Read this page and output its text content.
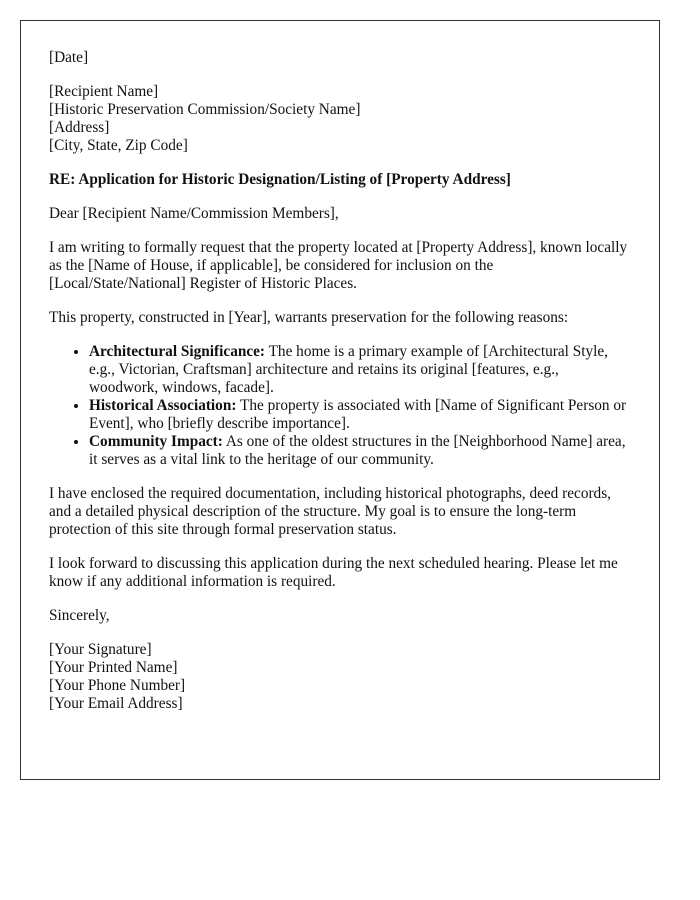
[Date]
[Recipient Name]
[Historic Preservation Commission/Society Name]
[Address]
[City, State, Zip Code]

RE: Application for Historic Designation/Listing of [Property Address]

Dear [Recipient Name/Commission Members],

I am writing to formally request that the property located at [Property Address], known locally as the [Name of House, if applicable], be considered for inclusion on the [Local/State/National] Register of Historic Places.

This property, constructed in [Year], warrants preservation for the following reasons:

• Architectural Significance: The home is a primary example of [Architectural Style, e.g., Victorian, Craftsman] architecture and retains its original [features, e.g., woodwork, windows, facade].
• Historical Association: The property is associated with [Name of Significant Person or Event], who [briefly describe importance].
• Community Impact: As one of the oldest structures in the [Neighborhood Name] area, it serves as a vital link to the heritage of our community.

I have enclosed the required documentation, including historical photographs, deed records, and a detailed physical description of the structure. My goal is to ensure the long-term protection of this site through formal preservation status.

I look forward to discussing this application during the next scheduled hearing. Please let me know if any additional information is required.

Sincerely,

[Your Signature]
[Your Printed Name]
[Your Phone Number]
[Your Email Address]
